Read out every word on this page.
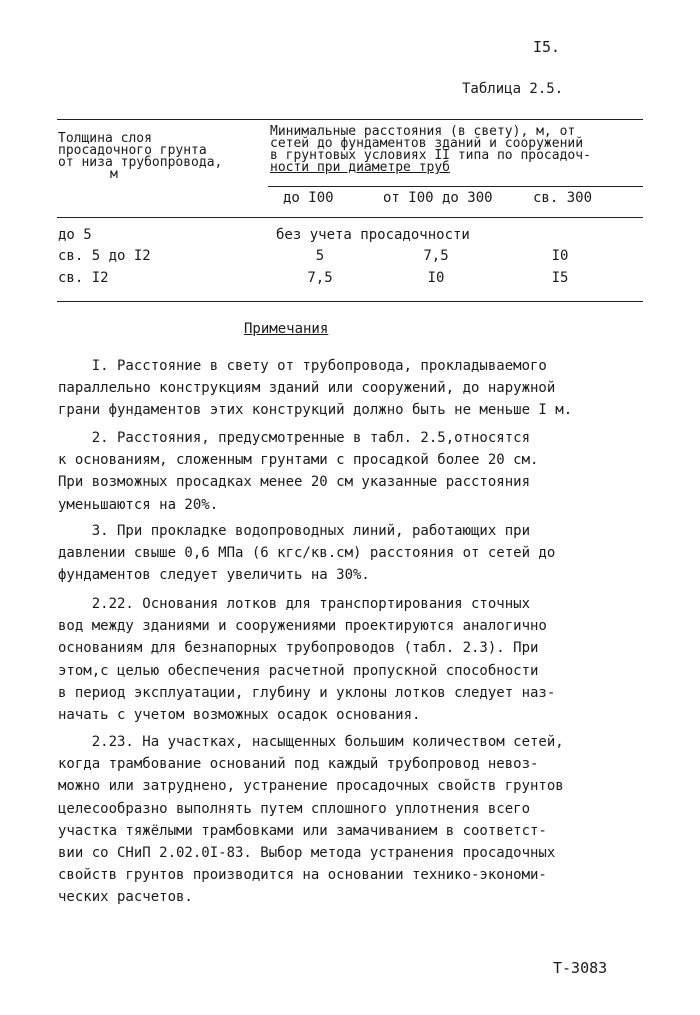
I5.
Таблица 2.5.
Толщина слоя
просадочного грунта
от низа трубопровода,
м
Минимальные расстояния (в свету), м, от
сетей до фундаментов зданий и сооружений
в грунтовых условиях II типа по просадоч-
ности при диаметре труб
до I00	от I00 до 300	св. 300
до 5	без учета просадочности
св. 5 до I2	5	7,5	I0
св. I2	7,5	I0	I5
Примечания
I. Расстояние в свету от трубопровода, прокладываемого
параллельно конструкциям зданий или сооружений, до наружной
грани фундаментов этих конструкций должно быть не меньше I м.
2. Расстояния, предусмотренные в табл. 2.5,относятся
к основаниям, сложенным грунтами с просадкой более 20 см.
При возможных просадках менее 20 см указанные расстояния
уменьшаются на 20%.
3. При прокладке водопроводных линий, работающих при
давлении свыше 0,6 МПа (6 кгс/кв.см) расстояния от сетей до
фундаментов следует увеличить на 30%.
2.22. Основания лотков для транспортирования сточных
вод между зданиями и сооружениями проектируются аналогично
основаниям для безнапорных трубопроводов (табл. 2.3). При
этом,с целью обеспечения расчетной пропускной способности
в период эксплуатации, глубину и уклоны лотков следует наз-
начать с учетом возможных осадок основания.
2.23. На участках, насыщенных большим количеством сетей,
когда трамбование оснований под каждый трубопровод невоз-
можно или затруднено, устранение просадочных свойств грунтов
целесообразно выполнять путем сплошного уплотнения всего
участка тяжёлыми трамбовками или замачиванием в соответст-
вии со СНиП 2.02.0I-83. Выбор метода устранения просадочных
свойств грунтов производится на основании технико-экономи-
ческих расчетов.
Т-3083
